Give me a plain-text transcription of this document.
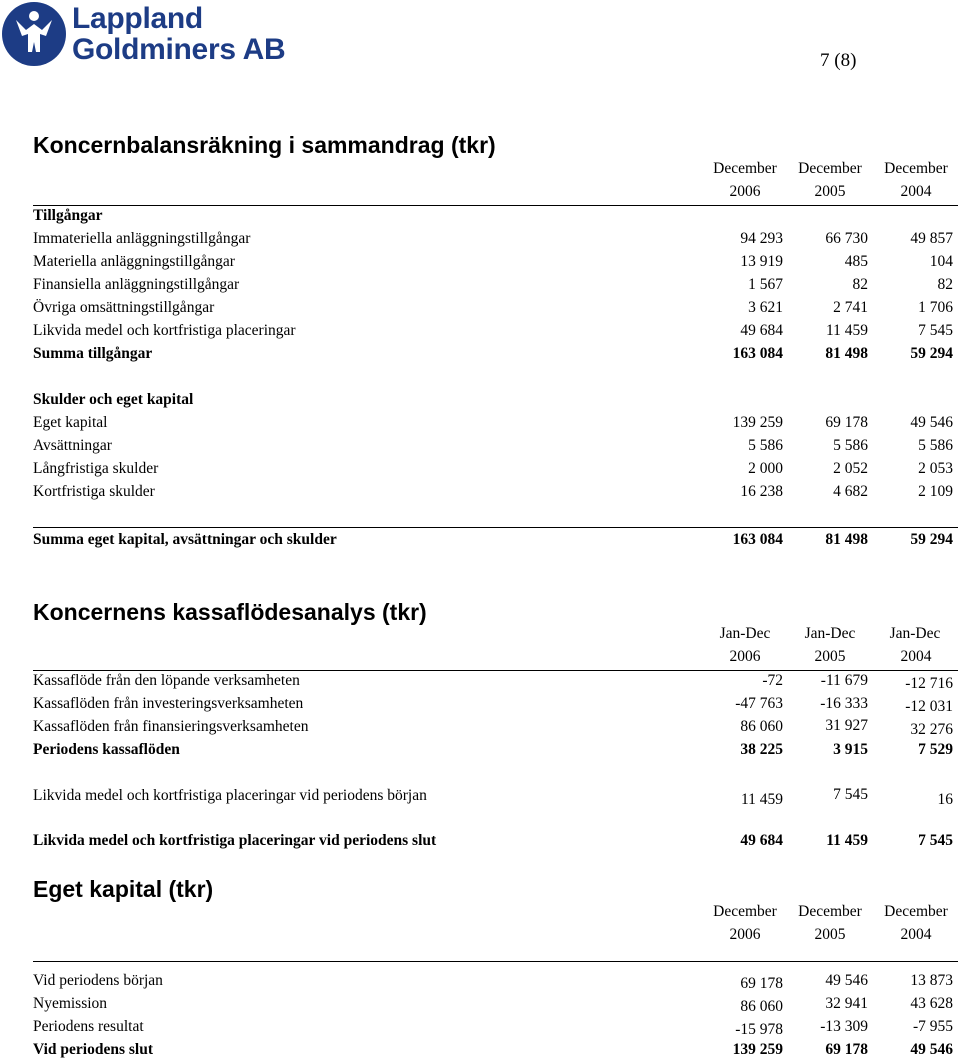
Lappland
Goldminers AB	7 (8)
Koncernbalansräkning i sammandrag (tkr)
December	December	December
2006	2005	2004
Tillgångar
Immateriella anläggningstillgångar	94 293	66 730	49 857
Materiella anläggningstillgångar	13 919	485	104
Finansiella anläggningstillgångar	1 567	82	82
Övriga omsättningstillgångar	3 621	2 741	1 706
Likvida medel och kortfristiga placeringar	49 684	11 459	7 545
Summa tillgångar	163 084	81 498	59 294
Skulder och eget kapital
Eget kapital	139 259	69 178	49 546
Avsättningar	5 586	5 586	5 586
Långfristiga skulder	2 000	2 052	2 053
Kortfristiga skulder	16 238	4 682	2 109
Summa eget kapital, avsättningar och skulder	163 084	81 498	59 294
Koncernens kassaflödesanalys (tkr)
Jan-Dec	Jan-Dec	Jan-Dec
2006	2005	2004
Kassaflöde från den löpande verksamheten	-72	-11 679	-12 716
Kassaflöden från investeringsverksamheten	-47 763	-16 333	-12 031
Kassaflöden från finansieringsverksamheten	86 060	31 927	32 276
Periodens kassaflöden	38 225	3 915	7 529
Likvida medel och kortfristiga placeringar vid periodens början	11 459	7 545	16
Likvida medel och kortfristiga placeringar vid periodens slut	49 684	11 459	7 545
Eget kapital (tkr)
December	December	December
2006	2005	2004
Vid periodens början	69 178	49 546	13 873
Nyemission	86 060	32 941	43 628
Periodens resultat	-15 978	-13 309	-7 955
Vid periodens slut	139 259	69 178	49 546
